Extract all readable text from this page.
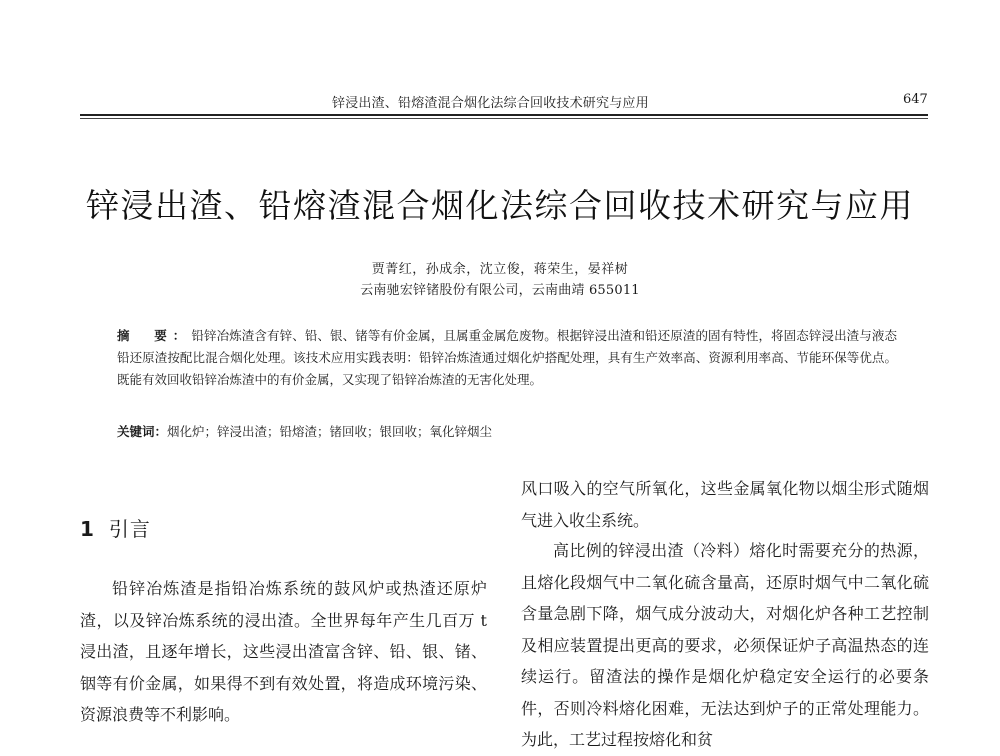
锌浸出渣、铅熔渣混合烟化法综合回收技术研究与应用	647
锌浸出渣、铅熔渣混合烟化法综合回收技术研究与应用
贾菁红，孙成余，沈立俊，蒋荣生，晏祥树
云南驰宏锌锗股份有限公司，云南曲靖 655011
摘　要：铅锌冶炼渣含有锌、铅、银、锗等有价金属，且属重金属危废物。根据锌浸出渣和铅还原渣的固有特性，将固态锌浸出渣与液态铅还原渣按配比混合烟化处理。该技术应用实践表明：铅锌冶炼渣通过烟化炉搭配处理，具有生产效率高、资源利用率高、节能环保等优点。既能有效回收铅锌冶炼渣中的有价金属，又实现了铅锌冶炼渣的无害化处理。
关键词：烟化炉；锌浸出渣；铅熔渣；锗回收；银回收；氧化锌烟尘
1 引言
铅锌冶炼渣是指铅冶炼系统的鼓风炉或热渣还原炉渣，以及锌冶炼系统的浸出渣。全世界每年产生几百万 t 浸出渣，且逐年增长，这些浸出渣富含锌、铅、银、锗、铟等有价金属，如果得不到有效处置，将造成环境污染、资源浪费等不利影响。
风口吸入的空气所氧化，这些金属氧化物以烟尘形式随烟气进入收尘系统。
高比例的锌浸出渣（冷料）熔化时需要充分的热源，且熔化段烟气中二氧化硫含量高，还原时烟气中二氧化硫含量急剧下降，烟气成分波动大，对烟化炉各种工艺控制及相应装置提出更高的要求，必须保证炉子高温热态的连续运行。留渣法的操作是烟化炉稳定安全运行的必要条件，否则冷料熔化困难，无法达到炉子的正常处理能力。为此，工艺过程按熔化和贫
